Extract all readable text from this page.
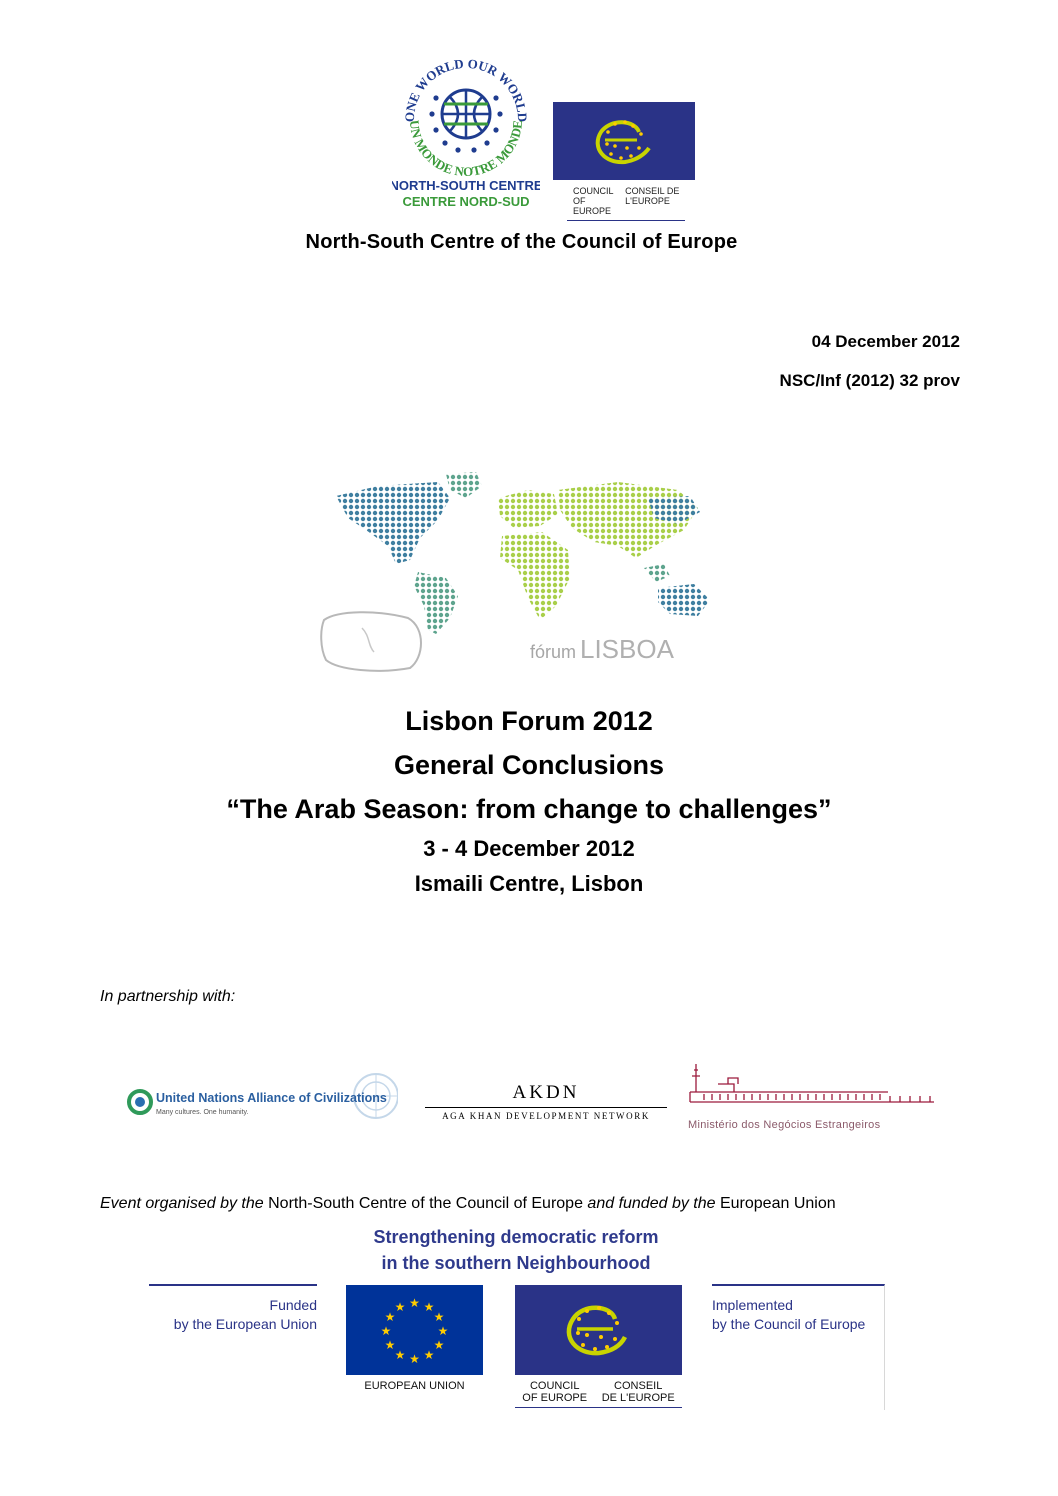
ONE WORLD OUR WORLD
UN MONDE NOTRE MONDE
NORTH-SOUTH CENTRE
CENTRE NORD-SUD
COUNCIL OF EUROPE
CONSEIL DE L'EUROPE
North-South Centre of the Council of Europe
04 December 2012
NSC/Inf (2012) 32 prov
fórum LISBOA
Lisbon Forum 2012
General Conclusions
“The Arab Season: from change to challenges”
3 - 4 December 2012
Ismaili Centre, Lisbon
In partnership with:
United Nations Alliance of Civilizations
Many cultures. One humanity.
AKDN
AGA KHAN DEVELOPMENT NETWORK
Ministério dos Negócios Estrangeiros
Event organised by the North-South Centre of the Council of Europe and funded by the European Union
Strengthening democratic reform
in the southern Neighbourhood
Funded
by the European Union
★ ★
★
★
★
★
★
★
★
★
★
★
EUROPEAN UNION	COUNCIL
OF EUROPE
CONSEIL
DE L'EUROPE
Implemented
by the Council of Europe
